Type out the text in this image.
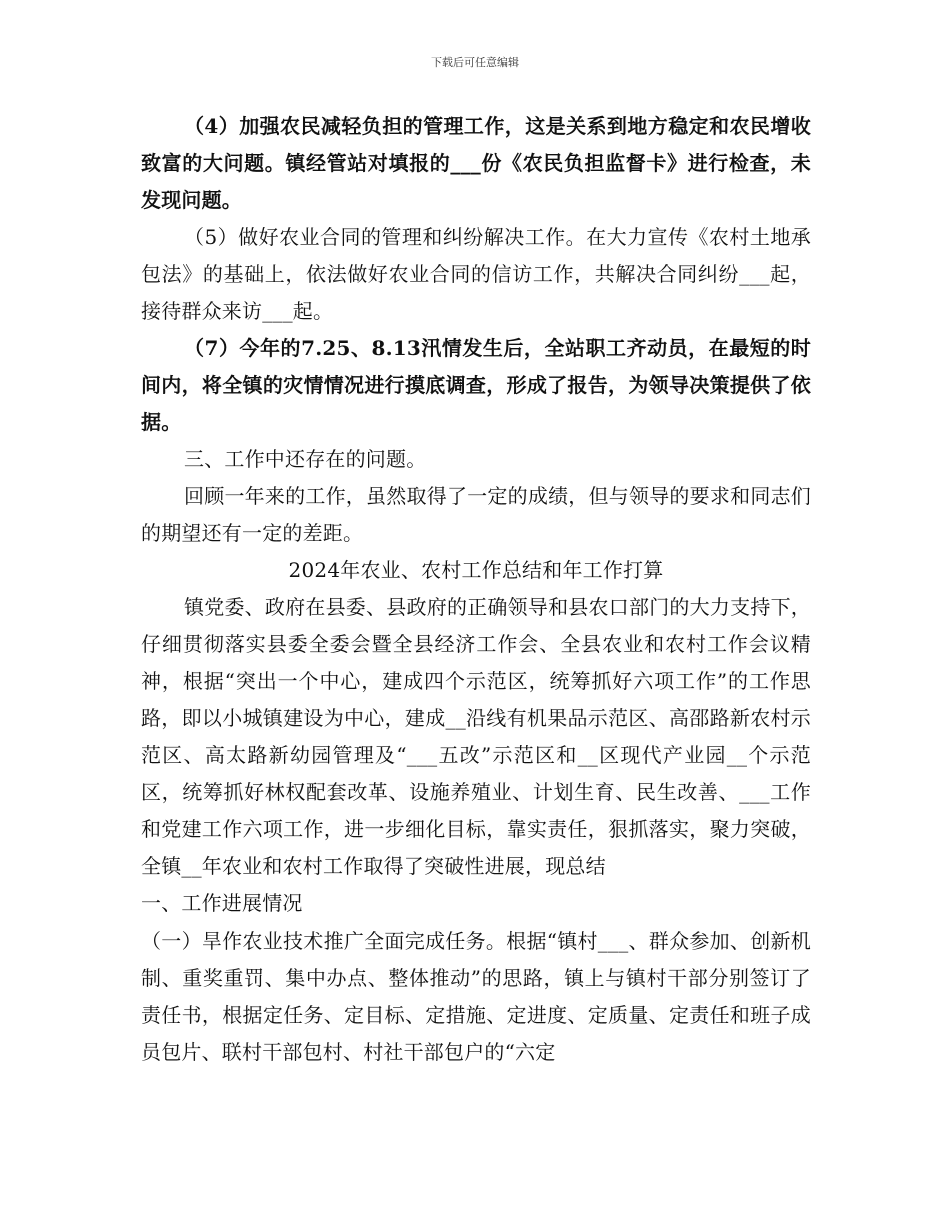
下载后可任意编辑

（4）加强农民减轻负担的管理工作，这是关系到地方稳定和农民增收致富的大问题。镇经管站对填报的___份《农民负担监督卡》进行检查，未发现问题。

（5）做好农业合同的管理和纠纷解决工作。在大力宣传《农村土地承包法》的基础上，依法做好农业合同的信访工作，共解决合同纠纷___起，接待群众来访___起。

（7）今年的7.25、8.13汛情发生后，全站职工齐动员，在最短的时间内，将全镇的灾情情况进行摸底调查，形成了报告，为领导决策提供了依据。

三、工作中还存在的问题。

回顾一年来的工作，虽然取得了一定的成绩，但与领导的要求和同志们的期望还有一定的差距。

2024年农业、农村工作总结和年工作打算

镇党委、政府在县委、县政府的正确领导和县农口部门的大力支持下，仔细贯彻落实县委全委会暨全县经济工作会、全县农业和农村工作会议精神，根据“突出一个中心，建成四个示范区，统筹抓好六项工作”的工作思路，即以小城镇建设为中心，建成__沿线有机果品示范区、高邵路新农村示范区、高太路新幼园管理及“___五改”示范区和__区现代产业园__个示范区，统筹抓好林权配套改革、设施养殖业、计划生育、民生改善、___工作和党建工作六项工作，进一步细化目标，靠实责任，狠抓落实，聚力突破，全镇__年农业和农村工作取得了突破性进展，现总结

一、工作进展情况

（一）旱作农业技术推广全面完成任务。根据“镇村___、群众参加、创新机制、重奖重罚、集中办点、整体推动”的思路，镇上与镇村干部分别签订了责任书，根据定任务、定目标、定措施、定进度、定质量、定责任和班子成员包片、联村干部包村、村社干部包户的“六定
